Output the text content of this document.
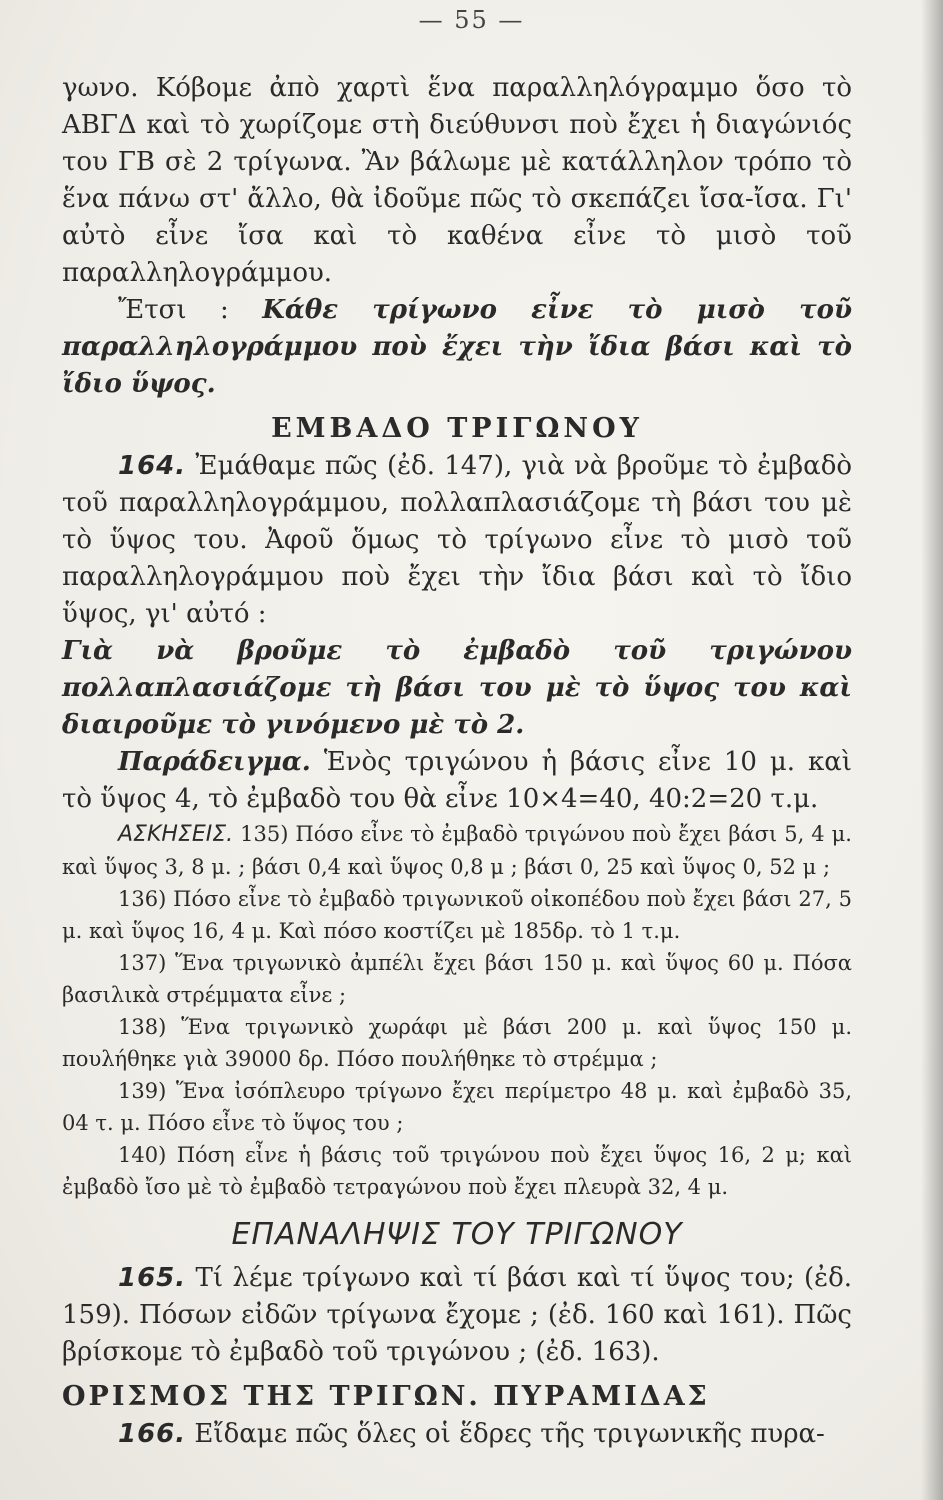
— 55 —

γωνο. Κόβομε ἀπὸ χαρτὶ ἕνα παραλληλόγραμμο ὅσο τὸ ΑΒΓΔ καὶ τὸ χωρίζομε στὴ διεύθυνσι ποὺ ἔχει ἡ διαγώνιός του ΓΒ σὲ 2 τρίγωνα. Ἂν βάλωμε μὲ κατάλληλον τρόπο τὸ ἕνα πάνω στ' ἄλλο, θὰ ἰδοῦμε πῶς τὸ σκεπάζει ἴσα-ἴσα. Γι' αὐτὸ εἶνε ἴσα καὶ τὸ καθένα εἶνε τὸ μισὸ τοῦ παραλληλογράμμου.

Ἔτσι : Κάθε τρίγωνο εἶνε τὸ μισὸ τοῦ παραλληλογράμμου ποὺ ἔχει τὴν ἴδια βάσι καὶ τὸ ἴδιο ὕψος.

ΕΜΒΑΔΟ ΤΡΙΓΩΝΟΥ

164. Ἐμάθαμε πῶς (ἐδ. 147), γιὰ νὰ βροῦμε τὸ ἐμβαδὸ τοῦ παραλληλογράμμου, πολλαπλασιάζομε τὴ βάσι του μὲ τὸ ὕψος του. Ἀφοῦ ὅμως τὸ τρίγωνο εἶνε τὸ μισὸ τοῦ παραλληλογράμμου ποὺ ἔχει τὴν ἴδια βάσι καὶ τὸ ἴδιο ὕψος, γι' αὐτό :

Γιὰ νὰ βροῦμε τὸ ἐμβαδὸ τοῦ τριγώνου πολλαπλασιάζομε τὴ βάσι του μὲ τὸ ὕψος του καὶ διαιροῦμε τὸ γινόμενο μὲ τὸ 2.

Παράδειγμα. Ἑνὸς τριγώνου ἡ βάσις εἶνε 10 μ. καὶ τὸ ὕψος 4, τὸ ἐμβαδὸ του θὰ εἶνε 10×4=40, 40:2=20 τ.μ.

ΑΣΚΗΣΕΙΣ. 135) Πόσο εἶνε τὸ ἐμβαδὸ τριγώνου ποὺ ἔχει βάσι 5, 4 μ. καὶ ὕψος 3, 8 μ. ; βάσι 0,4 καὶ ὕψος 0,8 μ ; βάσι 0, 25 καὶ ὕψος 0, 52 μ ;

136) Πόσο εἶνε τὸ ἐμβαδὸ τριγωνικοῦ οἰκοπέδου ποὺ ἔχει βάσι 27, 5 μ. καὶ ὕψος 16, 4 μ. Καὶ πόσο κοστίζει μὲ 185δρ. τὸ 1 τ.μ.

137) Ἕνα τριγωνικὸ ἀμπέλι ἔχει βάσι 150 μ. καὶ ὕψος 60 μ. Πόσα βασιλικὰ στρέμματα εἶνε ;

138) Ἕνα τριγωνικὸ χωράφι μὲ βάσι 200 μ. καὶ ὕψος 150 μ. πουλήθηκε γιὰ 39000 δρ. Πόσο πουλήθηκε τὸ στρέμμα ;

139) Ἕνα ἰσόπλευρο τρίγωνο ἔχει περίμετρο 48 μ. καὶ ἐμβαδὸ 35, 04 τ. μ. Πόσο εἶνε τὸ ὕψος του ;

140) Πόση εἶνε ἡ βάσις τοῦ τριγώνου ποὺ ἔχει ὕψος 16, 2 μ; καὶ ἐμβαδὸ ἴσο μὲ τὸ ἐμβαδὸ τετραγώνου ποὺ ἔχει πλευρὰ 32, 4 μ.

ΕΠΑΝΑΛΗΨΙΣ ΤΟΥ ΤΡΙΓΩΝΟΥ

165. Τί λέμε τρίγωνο καὶ τί βάσι καὶ τί ὕψος του; (ἐδ. 159). Πόσων εἰδῶν τρίγωνα ἔχομε ; (ἐδ. 160 καὶ 161). Πῶς βρίσκομε τὸ ἐμβαδὸ τοῦ τριγώνου ; (ἐδ. 163).

ΟΡΙΣΜΟΣ ΤΗΣ ΤΡΙΓΩΝ. ΠΥΡΑΜΙΔΑΣ

166. Εἴδαμε πῶς ὅλες οἱ ἕδρες τῆς τριγωνικῆς πυρα-
